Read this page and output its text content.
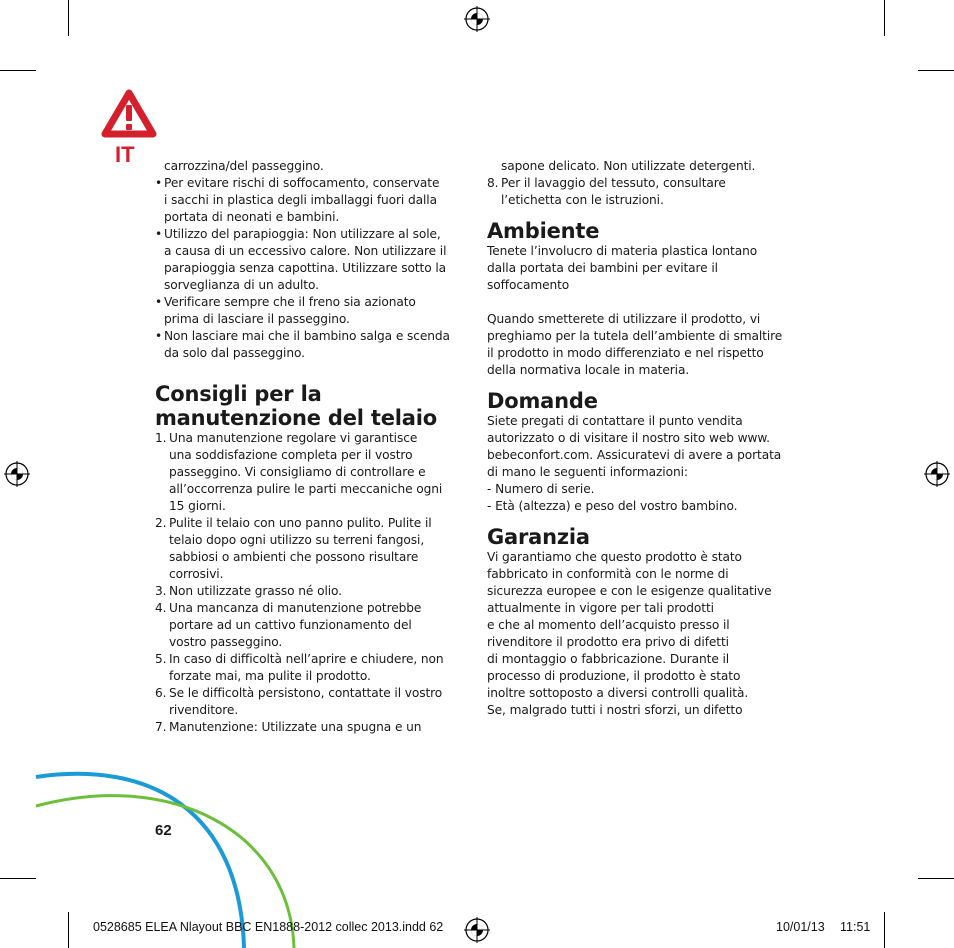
IT
62
carrozzina/del passeggino.
• Per evitare rischi di soffocamento, conservate
i sacchi in plastica degli imballaggi fuori dalla
portata di neonati e bambini.
• Utilizzo del parapioggia: Non utilizzare al sole,
a causa di un eccessivo calore. Non utilizzare il
parapioggia senza capottina. Utilizzare sotto la
sorveglianza di un adulto.
• Verificare sempre che il freno sia azionato
prima di lasciare il passeggino.
• Non lasciare mai che il bambino salga e scenda
da solo dal passeggino.
Consigli per la
manutenzione del telaio
1. Una manutenzione regolare vi garantisce
una soddisfazione completa per il vostro
passeggino. Vi consigliamo di controllare e
all’occorrenza pulire le parti meccaniche ogni
15 giorni.
2. Pulite il telaio con uno panno pulito. Pulite il
telaio dopo ogni utilizzo su terreni fangosi,
sabbiosi o ambienti che possono risultare
corrosivi.
3. Non utilizzate grasso né olio.
4. Una mancanza di manutenzione potrebbe
portare ad un cattivo funzionamento del
vostro passeggino.
5. In caso di difficoltà nell’aprire e chiudere, non
forzate mai, ma pulite il prodotto.
6. Se le difficoltà persistono, contattate il vostro
rivenditore.
7. Manutenzione: Utilizzate una spugna e un
sapone delicato. Non utilizzate detergenti.
8. Per il lavaggio del tessuto, consultare
l’etichetta con le istruzioni.
Ambiente
Tenete l’involucro di materia plastica lontano
dalla portata dei bambini per evitare il
soffocamento
Quando smetterete di utilizzare il prodotto, vi
preghiamo per la tutela dell’ambiente di smaltire
il prodotto in modo differenziato e nel rispetto
della normativa locale in materia.
Domande
Siete pregati di contattare il punto vendita
autorizzato o di visitare il nostro sito web www.
bebeconfort.com. Assicuratevi di avere a portata
di mano le seguenti informazioni:
- Numero di serie.
- Età (altezza) e peso del vostro bambino.
Garanzia
Vi garantiamo che questo prodotto è stato
fabbricato in conformità con le norme di
sicurezza europee e con le esigenze qualitative
attualmente in vigore per tali prodotti
e che al momento dell’acquisto presso il
rivenditore il prodotto era privo di difetti
di montaggio o fabbricazione. Durante il
processo di produzione, il prodotto è stato
inoltre sottoposto a diversi controlli qualità.
Se, malgrado tutti i nostri sforzi, un difetto
0528685 ELEA Nlayout BBC EN1888-2012 collec 2013.indd 62	10/01/13 11:51
